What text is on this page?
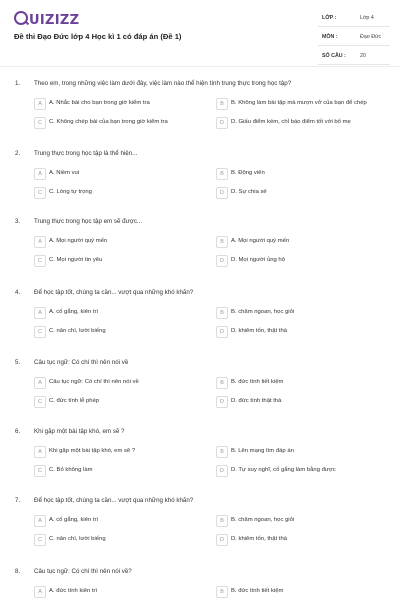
UIZIZZ
Đề thi Đạo Đức lớp 4 Học kì 1 có đáp án (Đề 1)
LỚP :	Lớp 4
MÔN :	Đạo Đức
SỐ CÂU :	20
1. Theo em, trong những việc làm dưới đây, việc làm nào thể hiện tính trung thực trong học tập?
A	A. Nhắc bài cho bạn trong giờ kiểm tra	B	B. Không làm bài tập mà mượn vở của bạn để chép
C	C. Không chép bài của bạn trong giờ kiểm tra	D	D. Giấu điểm kém, chỉ báo điểm tốt với bố mẹ
2. Trung thực trong học tập là thể hiện...
A	A. Niềm vui	B	B. Động viên
C	C. Lòng tự trọng	D	D. Sự chia sẻ
3. Trung thực trong học tập em sẽ được...
A	A. Mọi người quý mến	B	A. Mọi người quý mến
C	C. Mọi người tin yêu	D	D. Mọi người ủng hộ
4. Để học tập tốt, chúng ta cần... vượt qua những khó khăn?
A	A. cố gắng, kiên trì	B	B. chăm ngoan, học giỏi
C	C. nản chí, lười biếng	D	D. khiêm tốn, thật thà
5. Câu tục ngữ: Có chí thì nên nói về
A	Câu tục ngữ: Có chí thì nên nói về	B	B. đức tính tiết kiệm
C	C. đức tính lễ phép	D	D. đức tính thật thà
6. Khi gặp một bài tập khó, em sẽ ?
A	Khi gặp một bài tập khó, em sẽ ?	B	B. Lên mạng tìm đáp án
C	C. Bỏ không làm	D	D. Tự suy nghĩ, cố gắng làm bằng được
7. Để học tập tốt, chúng ta cần... vượt qua những khó khăn?
A	A. cố gắng, kiên trì	B	B. chăm ngoan, học giỏi
C	C. nản chí, lười biếng	D	D. khiêm tốn, thật thà
8. Câu tục ngữ: Có chí thì nên nói về?
A	A. đức tính kiên trì	B	B. đức tính tiết kiệm
